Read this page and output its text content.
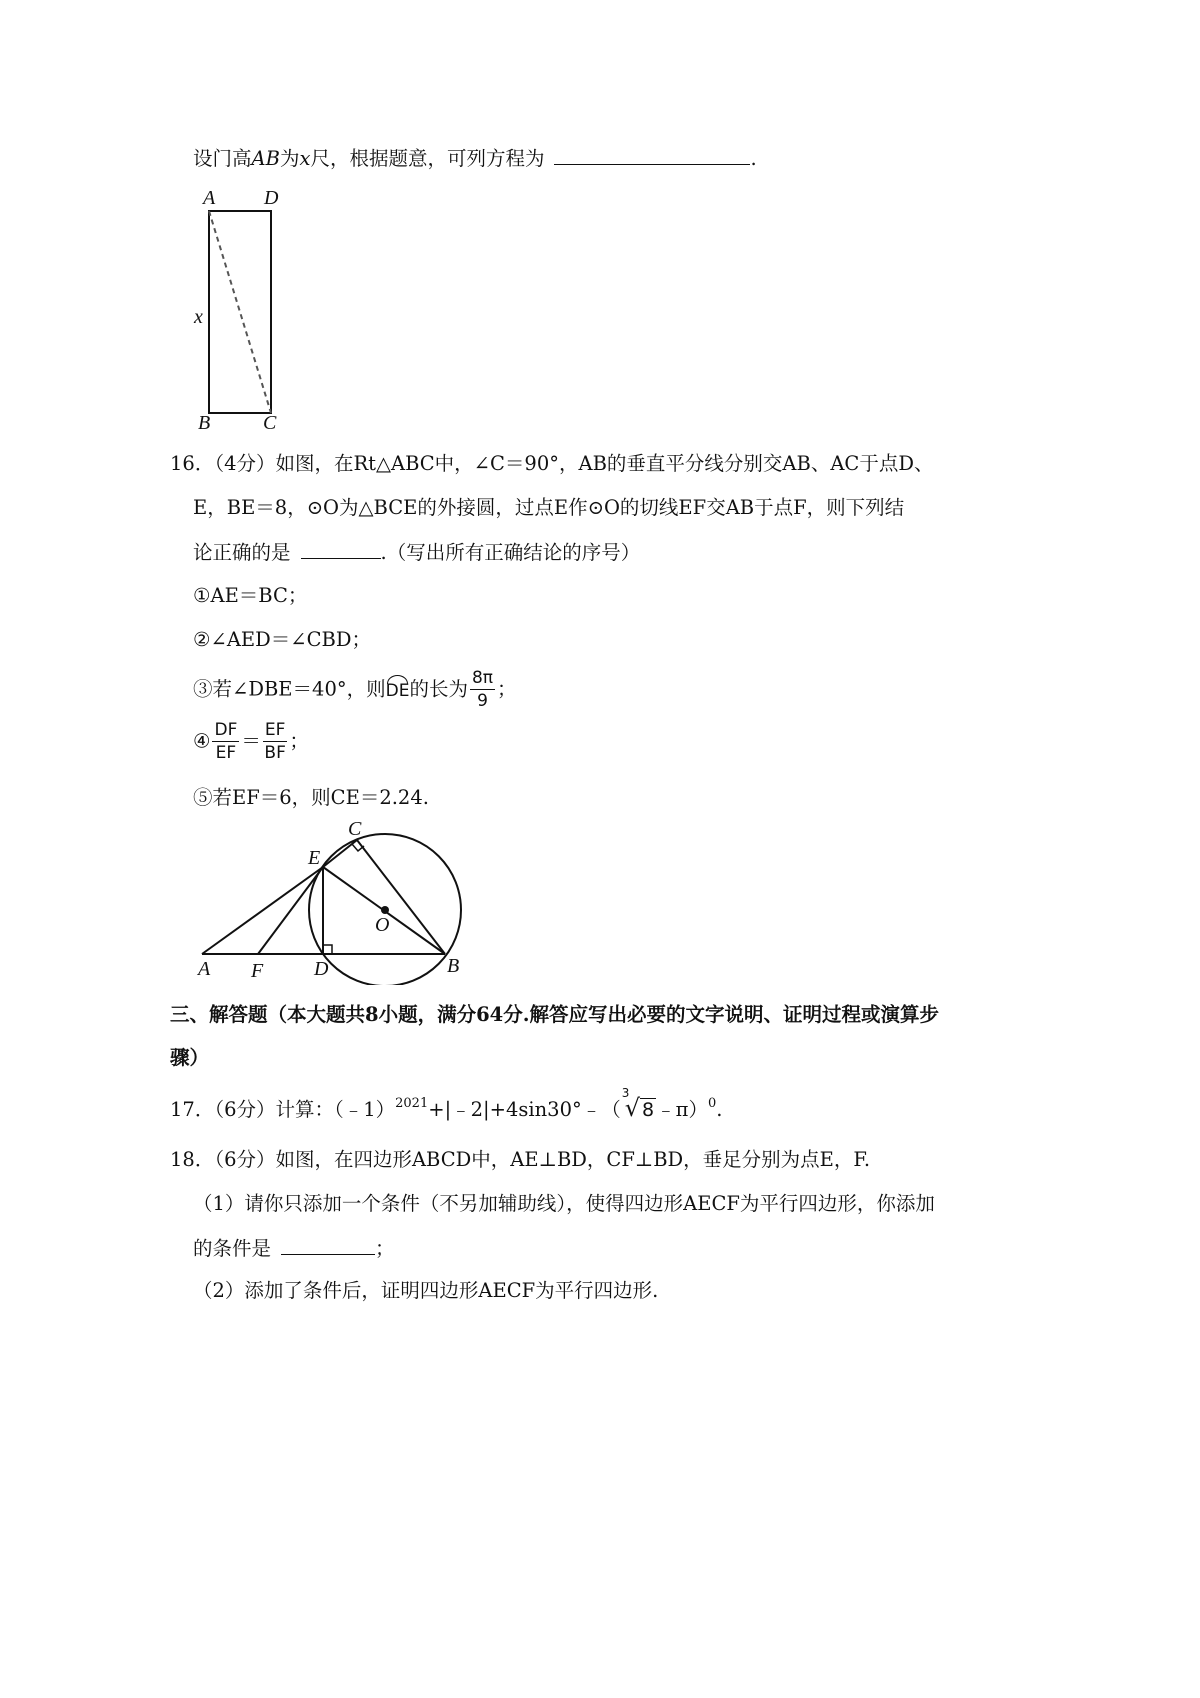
设门高AB为x尺，根据题意，可列方程为	.
A D
x
B	C
16．（4分）如图，在Rt△ABC中，∠C＝90°，AB的垂直平分线分别交AB、AC于点D、
E，BE＝8，⊙O为△BCE的外接圆，过点E作⊙O的切线EF交AB于点F，则下列结
论正确的是	.（写出所有正确结论的序号）
①AE＝BC；
②∠AED＝∠CBD；
③若∠DBE＝40°，则DE的长为 $\frac{8\pi}{9}$ ；
④ $\frac{DF}{EF} = \frac{EF}{BF}$ ；
⑤若EF＝6，则CE＝2.24.
C
E
O
A F	D	B
三、解答题（本大题共8小题，满分64分.解答应写出必要的文字说明、证明过程或演算步
骤）
17．（6分）计算：（﹣1）$^{2021}$+|﹣2|+4sin30°﹣（
3
√ 8 ﹣π）$^0$.
18．（6分）如图，在四边形ABCD中，AE⊥BD，CF⊥BD，垂足分别为点E，F.
（1）请你只添加一个条件（不另加辅助线），使得四边形AECF为平行四边形，你添加
的条件是	；
（2）添加了条件后，证明四边形AECF为平行四边形.
